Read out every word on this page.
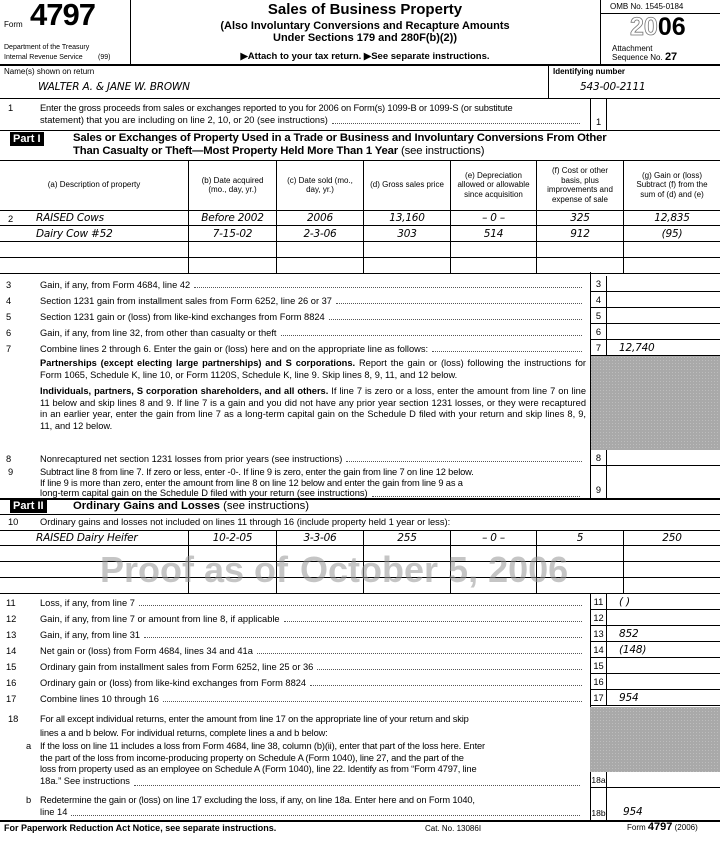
Form 4797
Department of the Treasury
Internal Revenue Service (99)
Sales of Business Property
(Also Involuntary Conversions and Recapture Amounts
Under Sections 179 and 280F(b)(2))
▶Attach to your tax return. ▶See separate instructions.
OMB No. 1545-0184
2006
Attachment
Sequence No. 27
Name(s) shown on return
WALTER A. & JANE W. BROWN
Identifying number
543-00-2111
1	Enter the gross proceeds from sales or exchanges reported to you for 2006 on Form(s) 1099-B or 1099-S (or substitute
statement) that you are including on line 2, 10, or 20 (see instructions)	1
Part I	Sales or Exchanges of Property Used in a Trade or Business and Involuntary Conversions From Other
Than Casualty or Theft—Most Property Held More Than 1 Year (see instructions)
(a) Description of property
(b) Date acquired (mo., day, yr.)
(c) Date sold (mo., day, yr.)
(d) Gross sales price
(e) Depreciation allowed or allowable since acquisition
(f) Cost or other basis, plus improvements and expense of sale
(g) Gain or (loss) Subtract (f) from the sum of (d) and (e)
RAISED Cows	Before 2002	2006	13,160	– 0 –	325	12,835
Dairy Cow #52	7-15-02	2-3-06	303	514	912	(95)
2
3	Gain, if any, from Form 4684, line 42	3
4	Section 1231 gain from installment sales from Form 6252, line 26 or 37	4
5	Section 1231 gain or (loss) from like-kind exchanges from Form 8824	5
6	Gain, if any, from line 32, from other than casualty or theft	6
7	Combine lines 2 through 6. Enter the gain or (loss) here and on the appropriate line as follows:	7	12,740
Partnerships (except electing large partnerships) and S corporations. Report the gain or (loss) following the instructions for Form 1065, Schedule K, line 10, or Form 1120S, Schedule K, line 9. Skip lines 8, 9, 11, and 12 below.
Individuals, partners, S corporation shareholders, and all others. If line 7 is zero or a loss, enter the amount from line 7 on line 11 below and skip lines 8 and 9. If line 7 is a gain and you did not have any prior year section 1231 losses, or they were recaptured in an earlier year, enter the gain from line 7 as a long-term capital gain on the Schedule D filed with your return and skip lines 8, 9, 11, and 12 below.
8	Nonrecaptured net section 1231 losses from prior years (see instructions)	8
9	Subtract line 8 from line 7. If zero or less, enter -0-. If line 9 is zero, enter the gain from line 7 on line 12 below.
If line 9 is more than zero, enter the amount from line 8 on line 12 below and enter the gain from line 9 as a
long-term capital gain on the Schedule D filed with your return (see instructions)	9
Part II	Ordinary Gains and Losses (see instructions)
10 Ordinary gains and losses not included on lines 11 through 16 (include property held 1 year or less):
RAISED Dairy Heifer	10-2-05	3-3-06	255	– 0 –	5	250
Proof as of October 5, 2006
11	Loss, if any, from line 7	11	( )
12	Gain, if any, from line 7 or amount from line 8, if applicable	12
13	Gain, if any, from line 31	13	852
14	Net gain or (loss) from Form 4684, lines 34 and 41a	14	(148)
15	Ordinary gain from installment sales from Form 6252, line 25 or 36	15
16	Ordinary gain or (loss) from like-kind exchanges from Form 8824	16
17	Combine lines 10 through 16	17	954
18 For all except individual returns, enter the amount from line 17 on the appropriate line of your return and skip
lines a and b below. For individual returns, complete lines a and b below:
a If the loss on line 11 includes a loss from Form 4684, line 38, column (b)(ii), enter that part of the loss here. Enter
the part of the loss from income-producing property on Schedule A (Form 1040), line 27, and the part of the
loss from property used as an employee on Schedule A (Form 1040), line 22. Identify as from “Form 4797, line
18a.” See instructions	18a
b Redetermine the gain or (loss) on line 17 excluding the loss, if any, on line 18a. Enter here and on Form 1040,
line 14	18b	954
For Paperwork Reduction Act Notice, see separate instructions.	Cat. No. 13086I	Form 4797 (2006)
